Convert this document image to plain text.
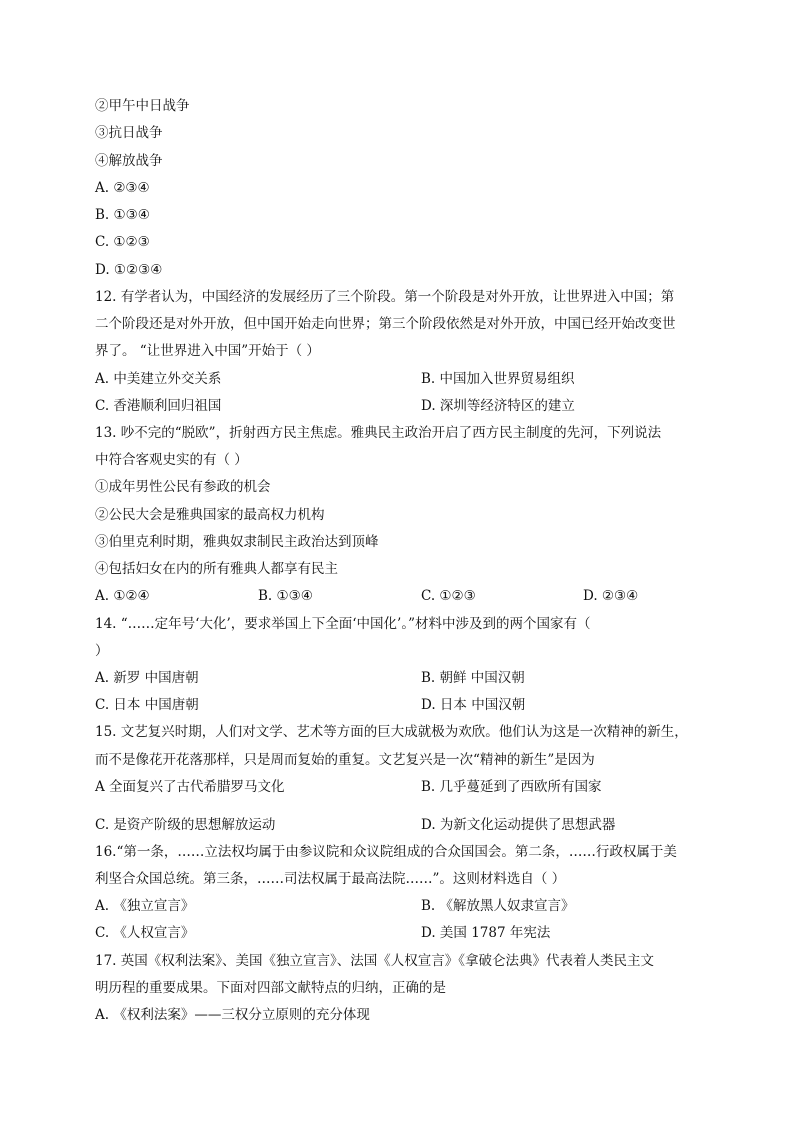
②甲午中日战争
③抗日战争
④解放战争
A. ②③④
B. ①③④
C. ①②③
D. ①②③④
12. 有学者认为，中国经济的发展经历了三个阶段。第一个阶段是对外开放，让世界进入中国；第
二个阶段还是对外开放，但中国开始走向世界；第三个阶段依然是对外开放，中国已经开始改变世
界了。 “让世界进入中国”开始于（ ）
A. 中美建立外交关系	B. 中国加入世界贸易组织
C. 香港顺利回归祖国	D. 深圳等经济特区的建立
13. 吵不完的“脱欧”，折射西方民主焦虑。雅典民主政治开启了西方民主制度的先河，下列说法
中符合客观史实的有（ ）
①成年男性公民有参政的机会
②公民大会是雅典国家的最高权力机构
③伯里克利时期，雅典奴隶制民主政治达到顶峰
④包括妇女在内的所有雅典人都享有民主
A. ①②④	B. ①③④	C. ①②③	D. ②③④
14. “……定年号‘大化’，要求举国上下全面‘中国化’。”材料中涉及到的两个国家有（
）
A. 新罗 中国唐朝	B. 朝鲜 中国汉朝
C. 日本 中国唐朝	D. 日本 中国汉朝
15. 文艺复兴时期，人们对文学、艺术等方面的巨大成就极为欢欣。他们认为这是一次精神的新生，
而不是像花开花落那样，只是周而复始的重复。文艺复兴是一次“精神的新生”是因为
A 全面复兴了古代希腊罗马文化	B. 几乎蔓延到了西欧所有国家
C. 是资产阶级的思想解放运动	D. 为新文化运动提供了思想武器
16.“第一条，……立法权均属于由参议院和众议院组成的合众国国会。第二条，……行政权属于美
利坚合众国总统。第三条，……司法权属于最高法院……”。这则材料选自（ ）
A. 《独立宣言》	B. 《解放黑人奴隶宣言》
C. 《人权宣言》	D. 美国 1787 年宪法
17. 英国《权利法案》、美国《独立宣言》、法国《人权宣言》《拿破仑法典》代表着人类民主文
明历程的重要成果。下面对四部文献特点的归纳，正确的是
A. 《权利法案》——三权分立原则的充分体现
